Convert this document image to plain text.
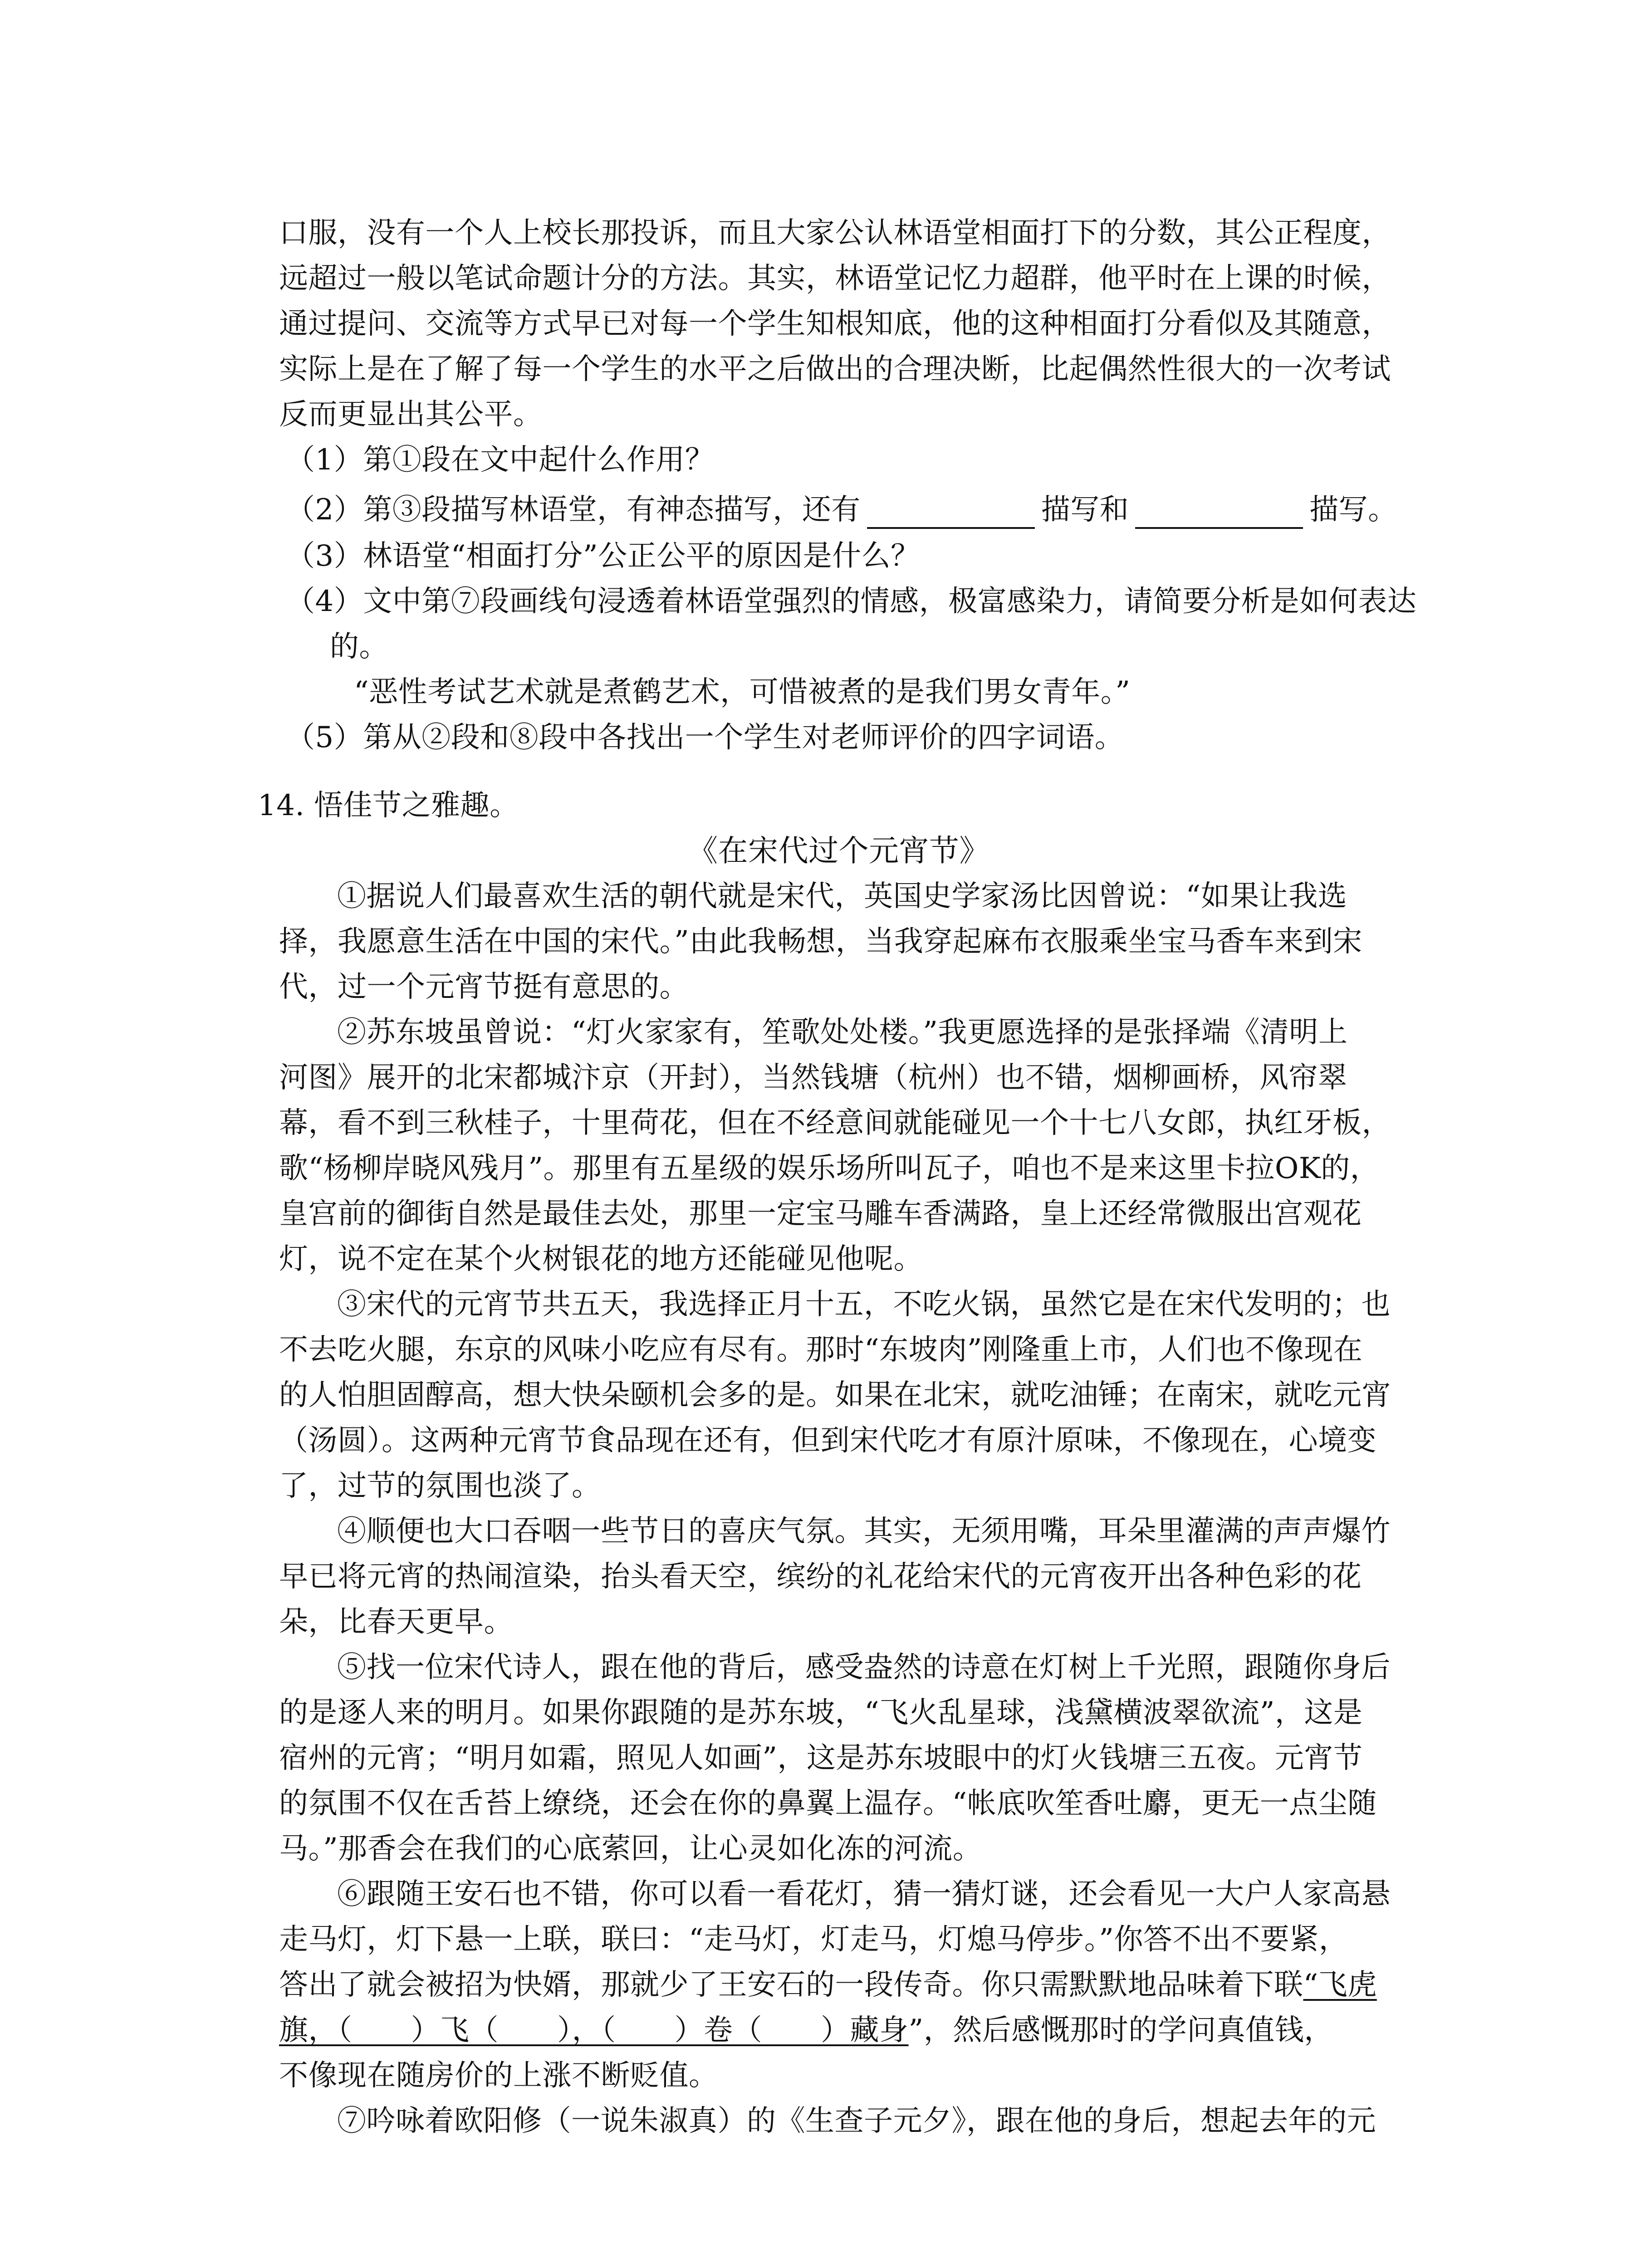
口服，没有一个人上校长那投诉，而且大家公认林语堂相面打下的分数，其公正程度，
远超过一般以笔试命题计分的方法。其实，林语堂记忆力超群，他平时在上课的时候，
通过提问、交流等方式早已对每一个学生知根知底，他的这种相面打分看似及其随意，
实际上是在了解了每一个学生的水平之后做出的合理决断，比起偶然性很大的一次考试
反而更显出其公平。
（1）第①段在文中起什么作用？
（2）第③段描写林语堂，有神态描写，还有	描写和	描写。
（3）林语堂“相面打分”公正公平的原因是什么？
（4）文中第⑦段画线句浸透着林语堂强烈的情感，极富感染力，请简要分析是如何表达
的。
“恶性考试艺术就是煮鹤艺术，可惜被煮的是我们男女青年。”
（5）第从②段和⑧段中各找出一个学生对老师评价的四字词语。
14. 悟佳节之雅趣。
《在宋代过个元宵节》
①据说人们最喜欢生活的朝代就是宋代，英国史学家汤比因曾说：“如果让我选
择，我愿意生活在中国的宋代。”由此我畅想，当我穿起麻布衣服乘坐宝马香车来到宋
代，过一个元宵节挺有意思的。
②苏东坡虽曾说：“灯火家家有，笙歌处处楼。”我更愿选择的是张择端《清明上
河图》展开的北宋都城汴京（开封），当然钱塘（杭州）也不错，烟柳画桥，风帘翠
幕，看不到三秋桂子，十里荷花，但在不经意间就能碰见一个十七八女郎，执红牙板，
歌“杨柳岸晓风残月”。那里有五星级的娱乐场所叫瓦子，咱也不是来这里卡拉OK的，
皇宫前的御街自然是最佳去处，那里一定宝马雕车香满路，皇上还经常微服出宫观花
灯，说不定在某个火树银花的地方还能碰见他呢。
③宋代的元宵节共五天，我选择正月十五，不吃火锅，虽然它是在宋代发明的；也
不去吃火腿，东京的风味小吃应有尽有。那时“东坡肉”刚隆重上市，人们也不像现在
的人怕胆固醇高，想大快朵颐机会多的是。如果在北宋，就吃油锤；在南宋，就吃元宵
（汤圆）。这两种元宵节食品现在还有，但到宋代吃才有原汁原味，不像现在，心境变
了，过节的氛围也淡了。
④顺便也大口吞咽一些节日的喜庆气氛。其实，无须用嘴，耳朵里灌满的声声爆竹
早已将元宵的热闹渲染，抬头看天空，缤纷的礼花给宋代的元宵夜开出各种色彩的花
朵，比春天更早。
⑤找一位宋代诗人，跟在他的背后，感受盎然的诗意在灯树上千光照，跟随你身后
的是逐人来的明月。如果你跟随的是苏东坡，“飞火乱星球，浅黛横波翠欲流”，这是
宿州的元宵；“明月如霜，照见人如画”，这是苏东坡眼中的灯火钱塘三五夜。元宵节
的氛围不仅在舌苔上缭绕，还会在你的鼻翼上温存。“帐底吹笙香吐麝，更无一点尘随
马。”那香会在我们的心底萦回，让心灵如化冻的河流。
⑥跟随王安石也不错，你可以看一看花灯，猜一猜灯谜，还会看见一大户人家高悬
走马灯，灯下悬一上联，联曰：“走马灯，灯走马，灯熄马停步。”你答不出不要紧，
答出了就会被招为快婿，那就少了王安石的一段传奇。你只需默默地品味着下联“飞虎
旗，（　　）飞（　　），（　　）卷（　　）藏身”，然后感慨那时的学问真值钱，
不像现在随房价的上涨不断贬值。
⑦吟咏着欧阳修（一说朱淑真）的《生查子元夕》，跟在他的身后，想起去年的元
